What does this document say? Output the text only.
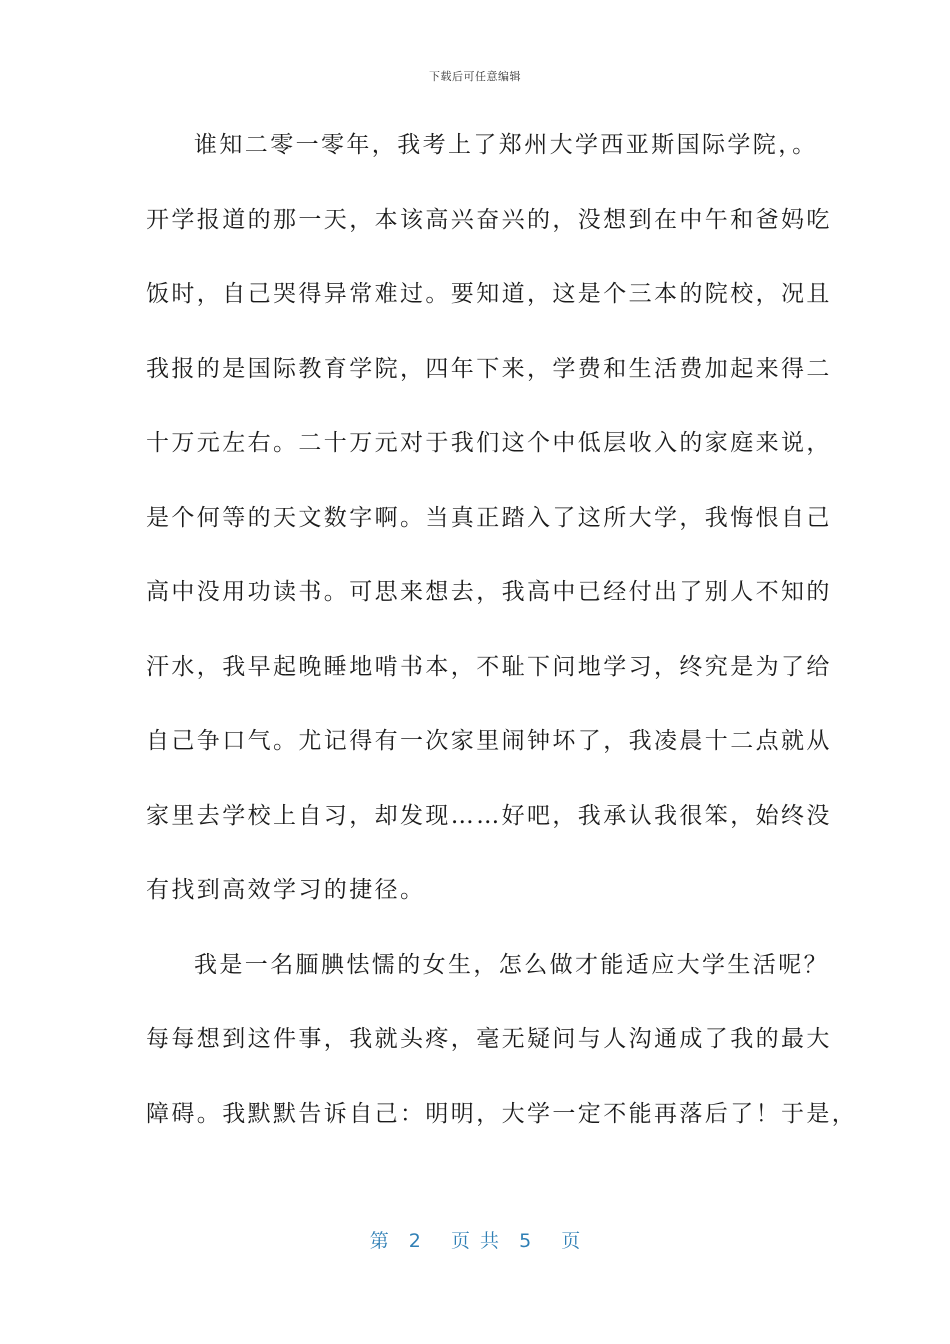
下载后可任意编辑
谁知二零一零年，我考上了郑州大学西亚斯国际学院，。
开学报道的那一天，本该高兴奋兴的，没想到在中午和爸妈吃
饭时，自己哭得异常难过。要知道，这是个三本的院校，况且
我报的是国际教育学院，四年下来，学费和生活费加起来得二
十万元左右。二十万元对于我们这个中低层收入的家庭来说，
是个何等的天文数字啊。当真正踏入了这所大学，我悔恨自己
高中没用功读书。可思来想去，我高中已经付出了别人不知的
汗水，我早起晚睡地啃书本，不耻下问地学习，终究是为了给
自己争口气。尤记得有一次家里闹钟坏了，我凌晨十二点就从
家里去学校上自习，却发现……好吧，我承认我很笨，始终没
有找到高效学习的捷径。
我是一名腼腆怯懦的女生，怎么做才能适应大学生活呢？
每每想到这件事，我就头疼，毫无疑问与人沟通成了我的最大
障碍。我默默告诉自己：明明，大学一定不能再落后了！于是，
第  2   页 共  5   页
